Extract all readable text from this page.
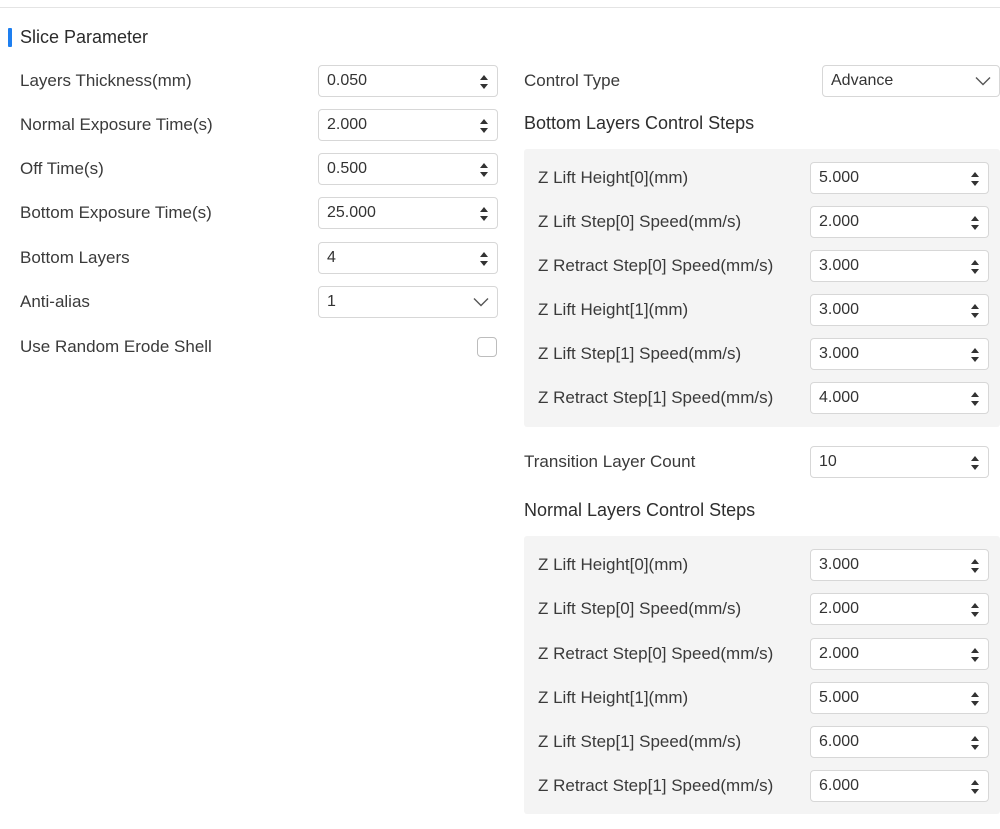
Slice Parameter
Layers Thickness(mm)	0.050
Normal Exposure Time(s)	2.000
Off Time(s)	0.500
Bottom Exposure Time(s)	25.000
Bottom Layers	4
Anti-alias	1
Use Random Erode Shell
Control Type	Advance
Bottom Layers Control Steps
Z Lift Height[0](mm)	5.000
Z Lift Step[0] Speed(mm/s)	2.000
Z Retract Step[0] Speed(mm/s)	3.000
Z Lift Height[1](mm)	3.000
Z Lift Step[1] Speed(mm/s)	3.000
Z Retract Step[1] Speed(mm/s)	4.000
Transition Layer Count	10
Normal Layers Control Steps
Z Lift Height[0](mm)	3.000
Z Lift Step[0] Speed(mm/s)	2.000
Z Retract Step[0] Speed(mm/s)	2.000
Z Lift Height[1](mm)	5.000
Z Lift Step[1] Speed(mm/s)	6.000
Z Retract Step[1] Speed(mm/s)	6.000
